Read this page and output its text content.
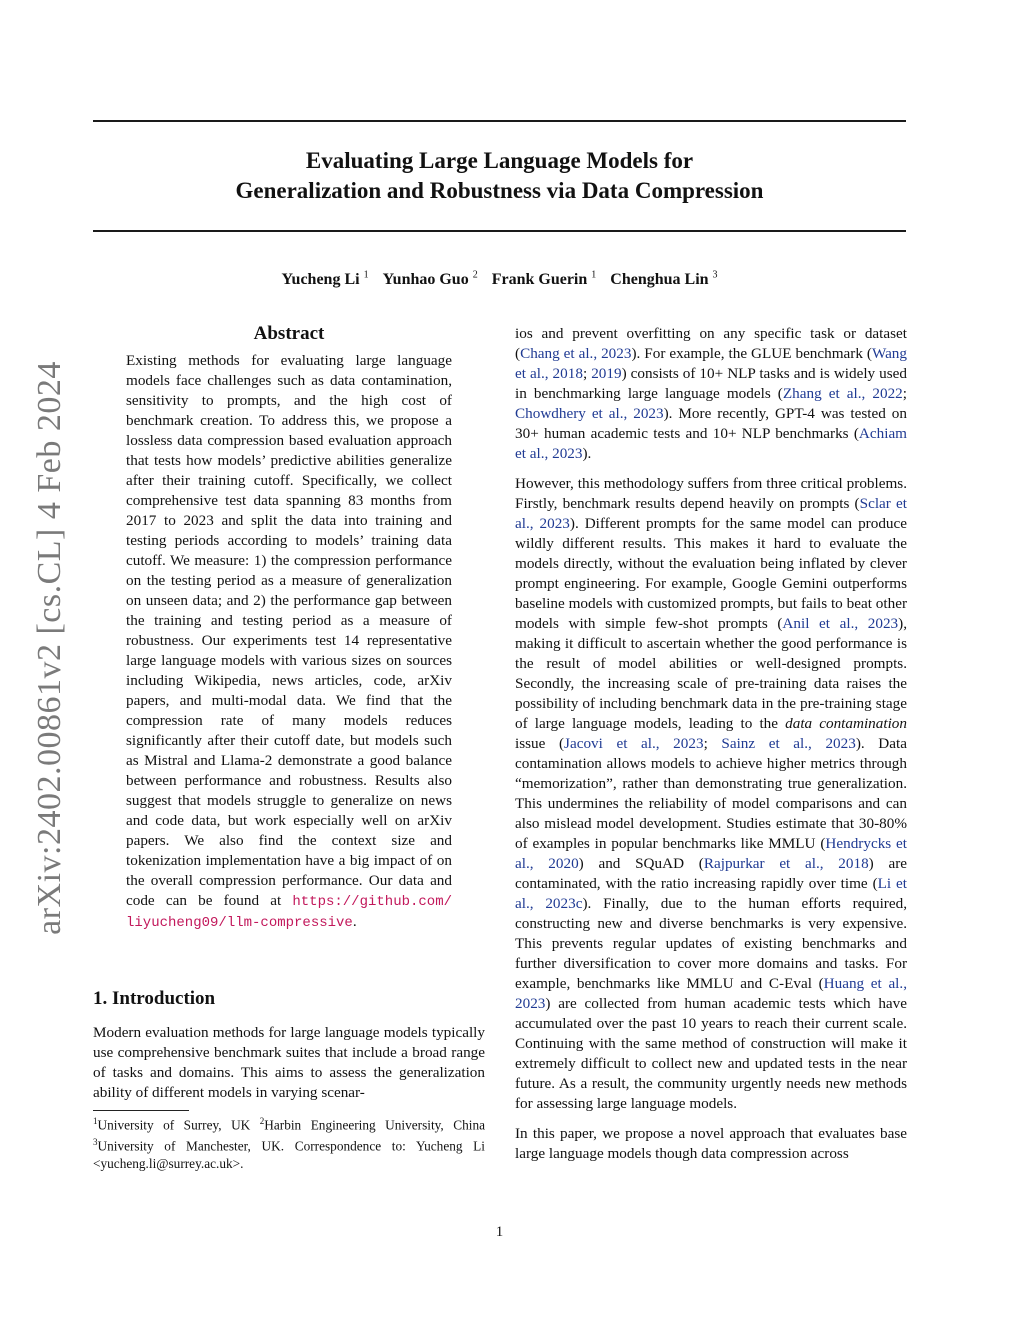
arXiv:2402.00861v2 [cs.CL] 4 Feb 2024
Evaluating Large Language Models for
Generalization and Robustness via Data Compression
Yucheng Li $^1$ Yunhao Guo $^2$ Frank Guerin $^1$ Chenghua Lin $^3$
Abstract

Existing methods for evaluating large language models face challenges such as data contamination, sensitivity to prompts, and the high cost of benchmark creation. To address this, we propose a lossless data compression based evaluation approach that tests how models’ predictive abilities generalize after their training cutoff. Specifically, we collect comprehensive test data spanning 83 months from 2017 to 2023 and split the data into training and testing periods according to models’ training data cutoff. We measure: 1) the compression performance on the testing period as a measure of generalization on unseen data; and 2) the performance gap between the training and testing period as a measure of robustness. Our experiments test 14 representative large language models with various sizes on sources including Wikipedia, news articles, code, arXiv papers, and multi-modal data. We find that the compression rate of many models reduces significantly after their cutoff date, but models such as Mistral and Llama-2 demonstrate a good balance between performance and robustness. Results also suggest that models struggle to generalize on news and code data, but work especially well on arXiv papers. We also find the context size and tokenization implementation have a big impact of on the overall compression performance. Our data and code can be found at https://github.com/ liyucheng09/llm-compressive.

1. Introduction
Modern evaluation methods for large language models typically use comprehensive benchmark suites that include a broad range of tasks and domains. This aims to assess the generalization ability of different models in varying scenar-
$^1$University of Surrey, UK $^2$Harbin Engineering University, China $^3$University of Manchester, UK. Correspondence to: Yucheng Li <yucheng.li@surrey.ac.uk>.

ios and prevent overfitting on any specific task or dataset (Chang et al., 2023). For example, the GLUE benchmark (Wang et al., 2018; 2019) consists of 10+ NLP tasks and is widely used in benchmarking large language models (Zhang et al., 2022; Chowdhery et al., 2023). More recently, GPT-4 was tested on 30+ human academic tests and 10+ NLP benchmarks (Achiam et al., 2023).

However, this methodology suffers from three critical problems. Firstly, benchmark results depend heavily on prompts (Sclar et al., 2023). Different prompts for the same model can produce wildly different results. This makes it hard to evaluate the models directly, without the evaluation being inflated by clever prompt engineering. For example, Google Gemini outperforms baseline models with customized prompts, but fails to beat other models with simple few-shot prompts (Anil et al., 2023), making it difficult to ascertain whether the good performance is the result of model abilities or well-designed prompts. Secondly, the increasing scale of pre-training data raises the possibility of including benchmark data in the pre-training stage of large language models, leading to the data contamination issue (Jacovi et al., 2023; Sainz et al., 2023). Data contamination allows models to achieve higher metrics through “memorization”, rather than demonstrating true generalization. This undermines the reliability of model comparisons and can also mislead model development. Studies estimate that 30-80% of examples in popular benchmarks like MMLU (Hendrycks et al., 2020) and SQuAD (Rajpurkar et al., 2018) are contaminated, with the ratio increasing rapidly over time (Li et al., 2023c). Finally, due to the human efforts required, constructing new and diverse benchmarks is very expensive. This prevents regular updates of existing benchmarks and further diversification to cover more domains and tasks. For example, benchmarks like MMLU and C-Eval (Huang et al., 2023) are collected from human academic tests which have accumulated over the past 10 years to reach their current scale. Continuing with the same method of construction will make it extremely difficult to collect new and updated tests in the near future. As a result, the community urgently needs new methods for assessing large language models.

In this paper, we propose a novel approach that evaluates base large language models though data compression across

1
